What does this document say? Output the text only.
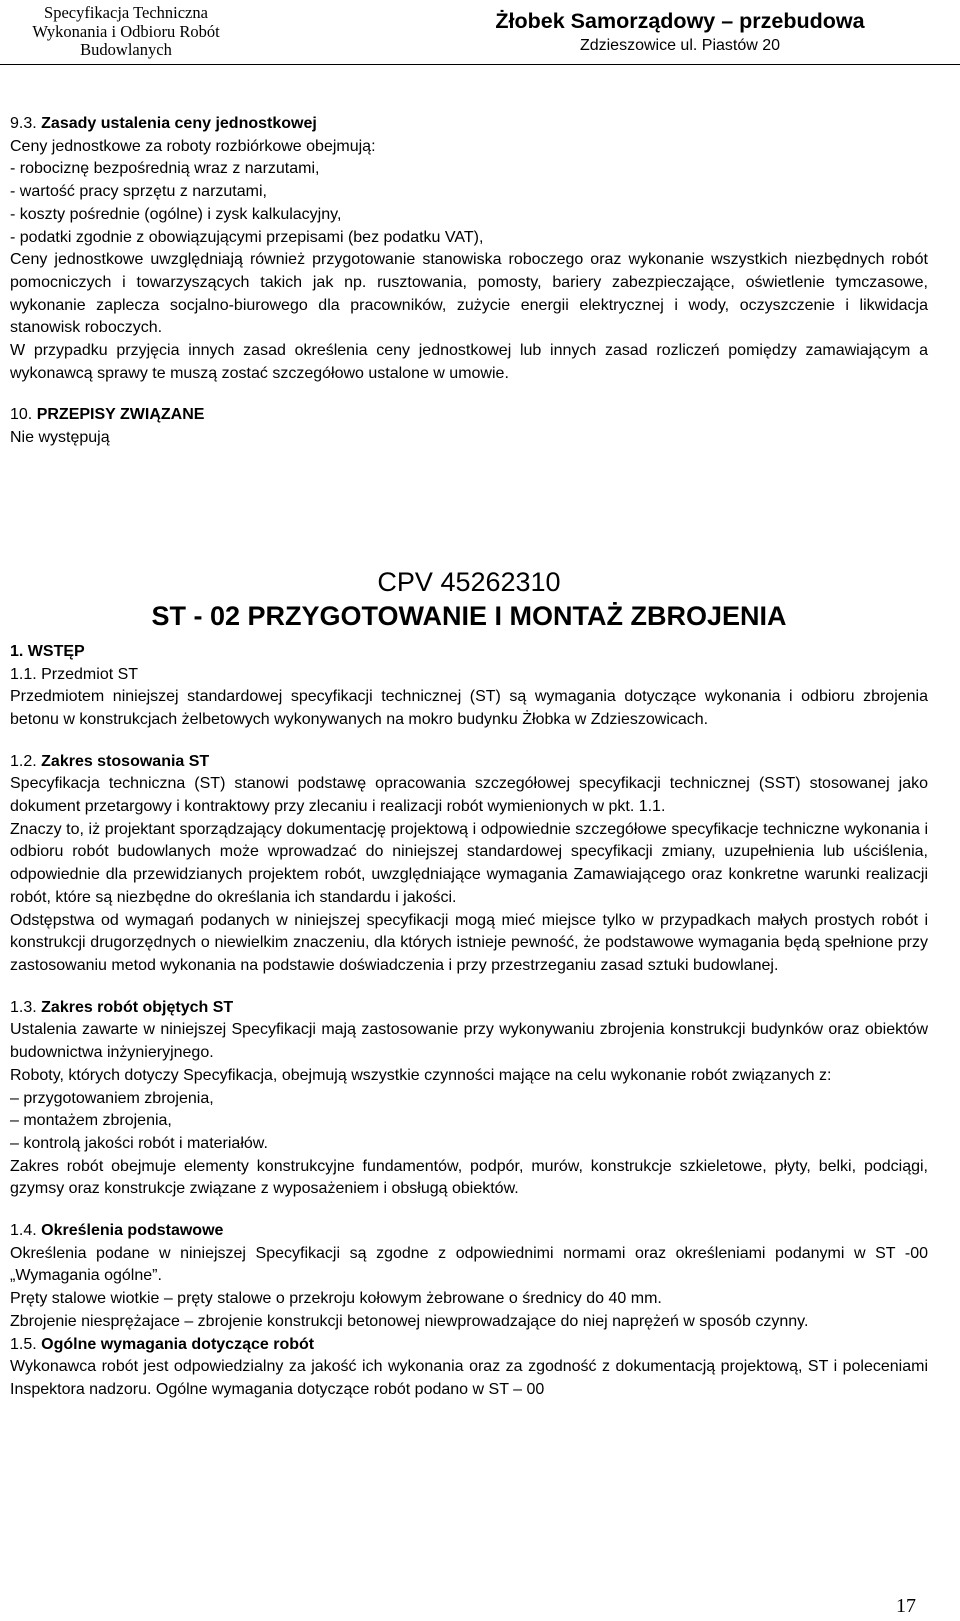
Specyfikacja Techniczna
Wykonania i Odbioru Robót
Budowlanych
Żłobek Samorządowy – przebudowa
Zdzieszowice ul. Piastów 20

9.3. Zasady ustalenia ceny jednostkowej

Ceny jednostkowe za roboty rozbiórkowe obejmują:

- robociznę bezpośrednią wraz z narzutami,

- wartość pracy sprzętu z narzutami,

- koszty pośrednie (ogólne) i zysk kalkulacyjny,

- podatki zgodnie z obowiązującymi przepisami (bez podatku VAT),

Ceny jednostkowe uwzględniają również przygotowanie stanowiska roboczego oraz wykonanie wszystkich niezbędnych robót pomocniczych i towarzyszących takich jak np. rusztowania, pomosty, bariery zabezpieczające, oświetlenie tymczasowe, wykonanie zaplecza socjalno-biurowego dla pracowników, zużycie energii elektrycznej i wody, oczyszczenie i likwidacja stanowisk roboczych.

W przypadku przyjęcia innych zasad określenia ceny jednostkowej lub innych zasad rozliczeń pomiędzy zamawiającym a wykonawcą sprawy te muszą zostać szczegółowo ustalone w umowie.

10. PRZEPISY ZWIĄZANE

Nie występują

CPV 45262310

ST - 02 PRZYGOTOWANIE I MONTAŻ ZBROJENIA

1. WSTĘP

1.1. Przedmiot ST

Przedmiotem niniejszej standardowej specyfikacji technicznej (ST) są wymagania dotyczące wykonania i odbioru zbrojenia betonu w konstrukcjach żelbetowych wykonywanych na mokro budynku Żłobka w Zdzieszowicach.

1.2. Zakres stosowania ST

Specyfikacja techniczna (ST) stanowi podstawę opracowania szczegółowej specyfikacji technicznej (SST) stosowanej jako dokument przetargowy i kontraktowy przy zlecaniu i realizacji robót wymienionych w pkt. 1.1.

Znaczy to, iż projektant sporządzający dokumentację projektową i odpowiednie szczegółowe specyfikacje techniczne wykonania i odbioru robót budowlanych może wprowadzać do niniejszej standardowej specyfikacji zmiany, uzupełnienia lub uściślenia, odpowiednie dla przewidzianych projektem robót, uwzględniające wymagania Zamawiającego oraz konkretne warunki realizacji robót, które są niezbędne do określania ich standardu i jakości.

Odstępstwa od wymagań podanych w niniejszej specyfikacji mogą mieć miejsce tylko w przypadkach małych prostych robót i konstrukcji drugorzędnych o niewielkim znaczeniu, dla których istnieje pewność, że podstawowe wymagania będą spełnione przy zastosowaniu metod wykonania na podstawie doświadczenia i przy przestrzeganiu zasad sztuki budowlanej.

1.3. Zakres robót objętych ST

Ustalenia zawarte w niniejszej Specyfikacji mają zastosowanie przy wykonywaniu zbrojenia konstrukcji budynków oraz obiektów budownictwa inżynieryjnego.

Roboty, których dotyczy Specyfikacja, obejmują wszystkie czynności mające na celu wykonanie robót związanych z:

– przygotowaniem zbrojenia,

– montażem zbrojenia,

– kontrolą jakości robót i materiałów.

Zakres robót obejmuje elementy konstrukcyjne fundamentów, podpór, murów, konstrukcje szkieletowe, płyty, belki, podciągi, gzymsy oraz konstrukcje związane z wyposażeniem i obsługą obiektów.

1.4. Określenia podstawowe

Określenia podane w niniejszej Specyfikacji są zgodne z odpowiednimi normami oraz określeniami podanymi w ST -00 „Wymagania ogólne”.

Pręty stalowe wiotkie – pręty stalowe o przekroju kołowym żebrowane o średnicy do 40 mm.

Zbrojenie niesprężajace – zbrojenie konstrukcji betonowej niewprowadzające do niej naprężeń w sposób czynny.

1.5. Ogólne wymagania dotyczące robót

Wykonawca robót jest odpowiedzialny za jakość ich wykonania oraz za zgodność z dokumentacją projektową, ST i poleceniami Inspektora nadzoru. Ogólne wymagania dotyczące robót podano w ST – 00

17
